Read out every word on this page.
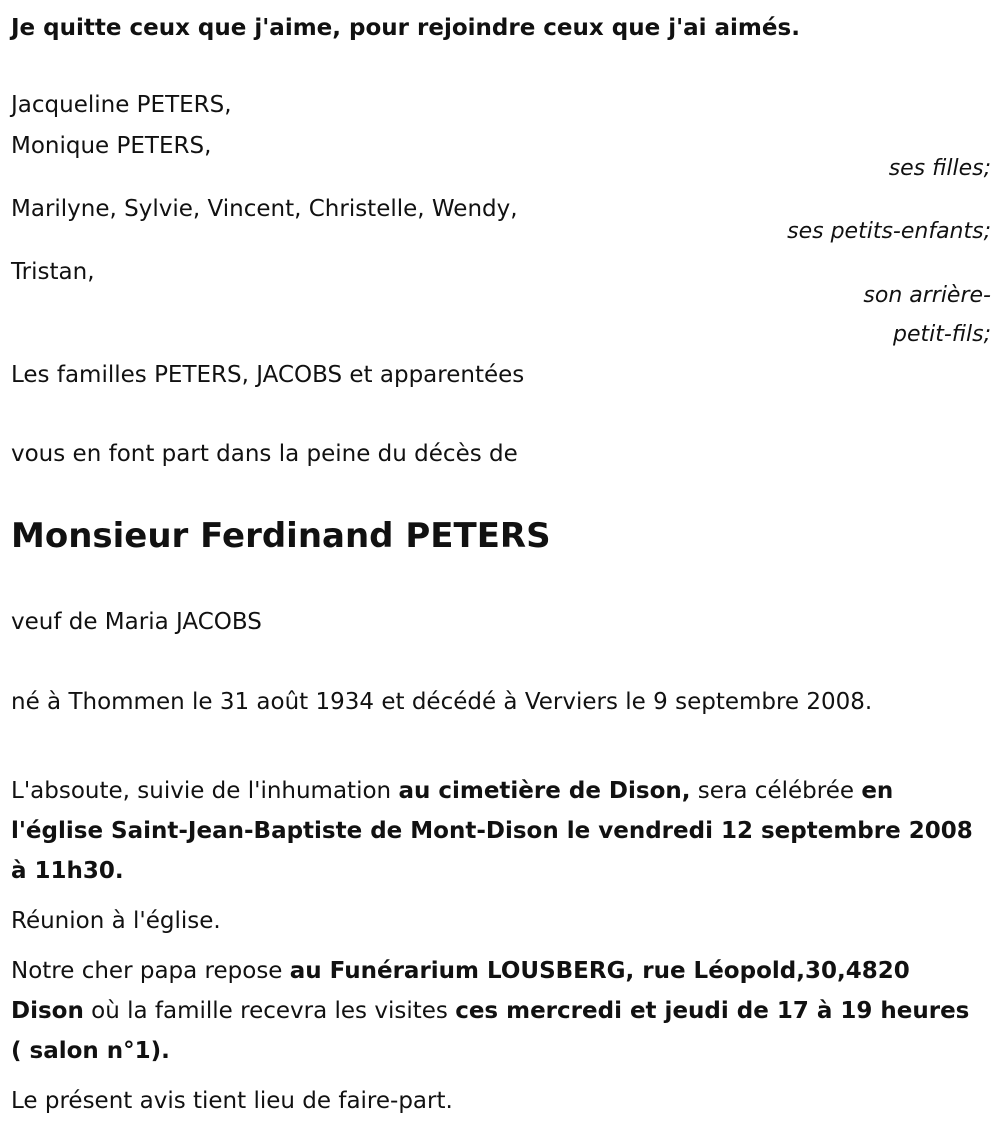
Je quitte ceux que j'aime, pour rejoindre ceux que j'ai aimés.
Jacqueline PETERS,
Monique PETERS,
ses filles;
Marilyne, Sylvie, Vincent, Christelle, Wendy,
ses petits-enfants;
Tristan,
son arrière-
petit-fils;
Les familles PETERS, JACOBS et apparentées
vous en font part dans la peine du décès de
Monsieur Ferdinand PETERS
veuf de Maria JACOBS
né à Thommen le 31 août 1934 et décédé à Verviers le 9 septembre 2008.
L'absoute, suivie de l'inhumation au cimetière de Dison, sera célébrée en l'église Saint-Jean-Baptiste de Mont-Dison le vendredi 12 septembre 2008 à 11h30.
Réunion à l'église.
Notre cher papa repose au Funérarium LOUSBERG, rue Léopold,30,4820 Dison où la famille recevra les visites ces mercredi et jeudi de 17 à 19 heures ( salon n°1).
Le présent avis tient lieu de faire-part.
